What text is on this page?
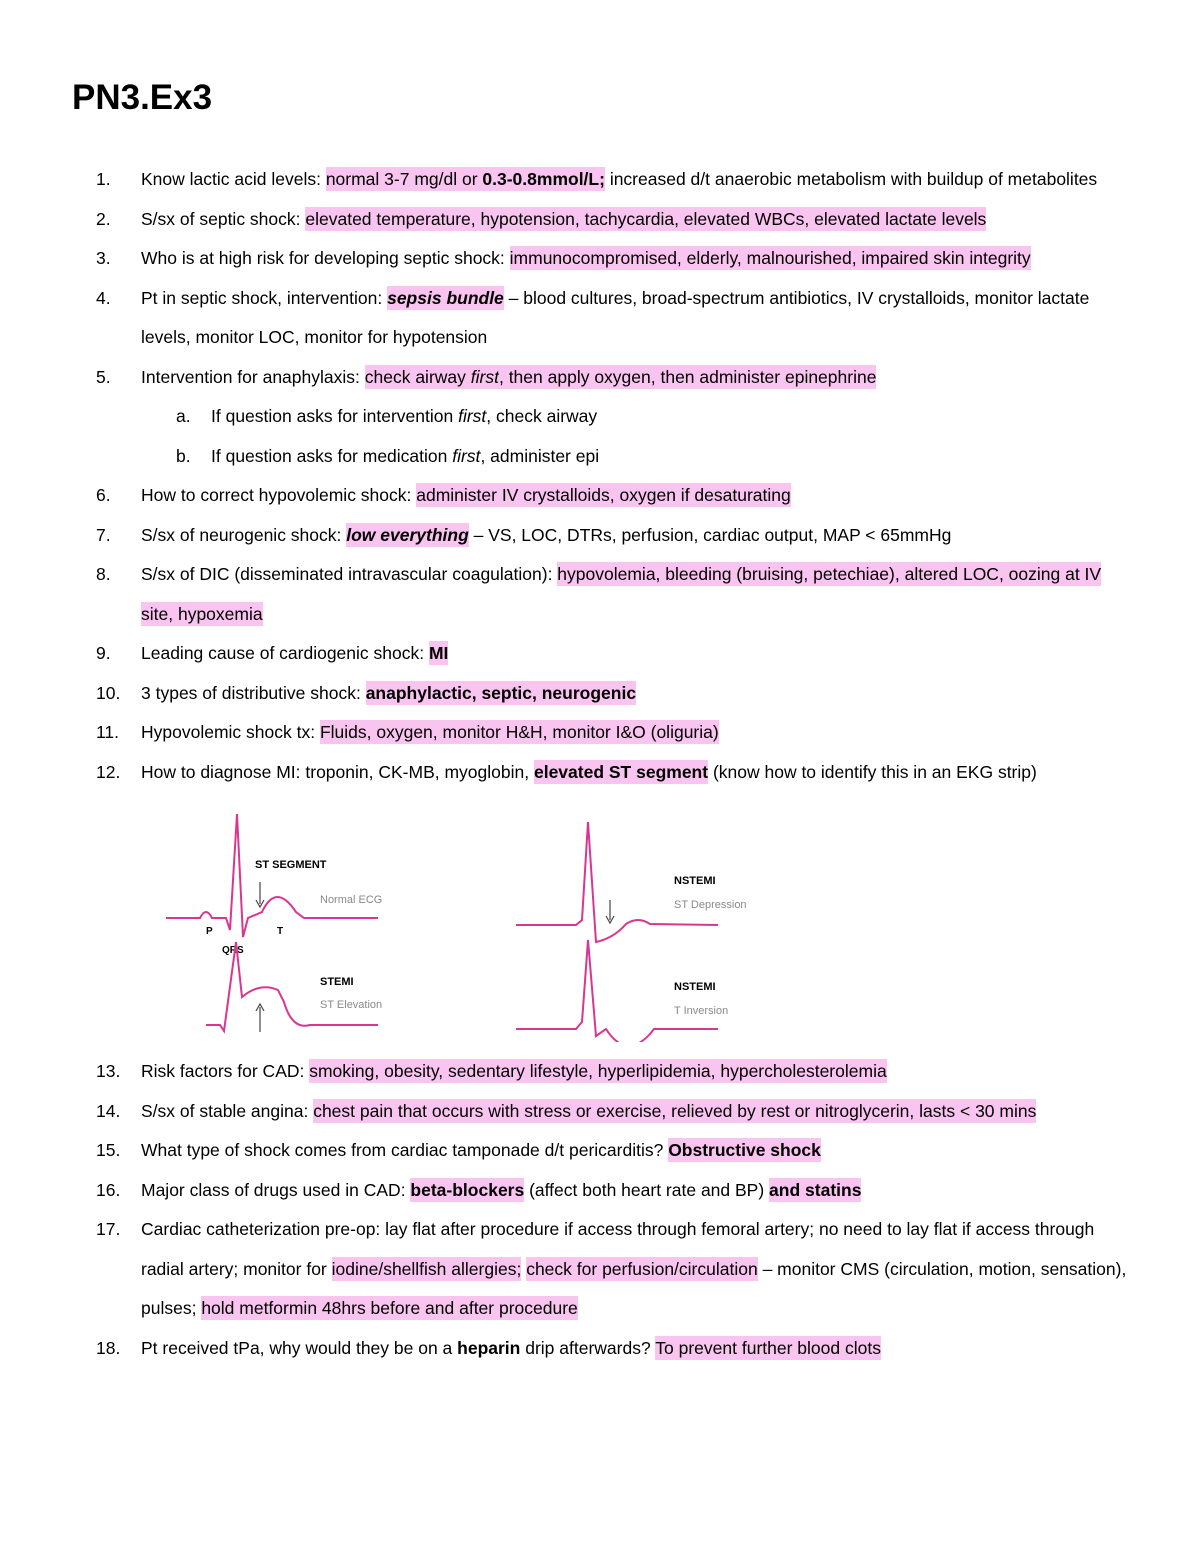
PN3.Ex3
1.	Know lactic acid levels: normal 3-7 mg/dl or 0.3-0.8mmol/L; increased d/t anaerobic metabolism with buildup of metabolites
2.	S/sx of septic shock: elevated temperature, hypotension, tachycardia, elevated WBCs, elevated lactate levels
3.	Who is at high risk for developing septic shock: immunocompromised, elderly, malnourished, impaired skin integrity
4.	Pt in septic shock, intervention: sepsis bundle – blood cultures, broad-spectrum antibiotics, IV crystalloids, monitor lactate levels, monitor LOC, monitor for hypotension
5.	Intervention for anaphylaxis: check airway first, then apply oxygen, then administer epinephrine
a. If question asks for intervention first, check airway
b. If question asks for medication first, administer epi
6.	How to correct hypovolemic shock: administer IV crystalloids, oxygen if desaturating
7.	S/sx of neurogenic shock: low everything – VS, LOC, DTRs, perfusion, cardiac output, MAP < 65mmHg
8.	S/sx of DIC (disseminated intravascular coagulation): hypovolemia, bleeding (bruising, petechiae), altered LOC, oozing at IV site, hypoxemia
9.	Leading cause of cardiogenic shock: MI
10.	3 types of distributive shock: anaphylactic, septic, neurogenic
11.	Hypovolemic shock tx: Fluids, oxygen, monitor H&H, monitor I&O (oliguria)
12.	How to diagnose MI: troponin, CK-MB, myoglobin, elevated ST segment (know how to identify this in an EKG strip)
ST SEGMENT
Normal ECG
P	T
QRS
STEMI
ST Elevation
NSTEMI
ST Depression
NSTEMI
T Inversion
13.	Risk factors for CAD: smoking, obesity, sedentary lifestyle, hyperlipidemia, hypercholesterolemia
14.	S/sx of stable angina: chest pain that occurs with stress or exercise, relieved by rest or nitroglycerin, lasts < 30 mins
15.	What type of shock comes from cardiac tamponade d/t pericarditis? Obstructive shock
16.	Major class of drugs used in CAD: beta-blockers (affect both heart rate and BP) and statins
17.	Cardiac catheterization pre-op: lay flat after procedure if access through femoral artery; no need to lay flat if access through radial artery; monitor for iodine/shellfish allergies; check for perfusion/circulation – monitor CMS (circulation, motion, sensation), pulses; hold metformin 48hrs before and after procedure
18.	Pt received tPa, why would they be on a heparin drip afterwards? To prevent further blood clots
